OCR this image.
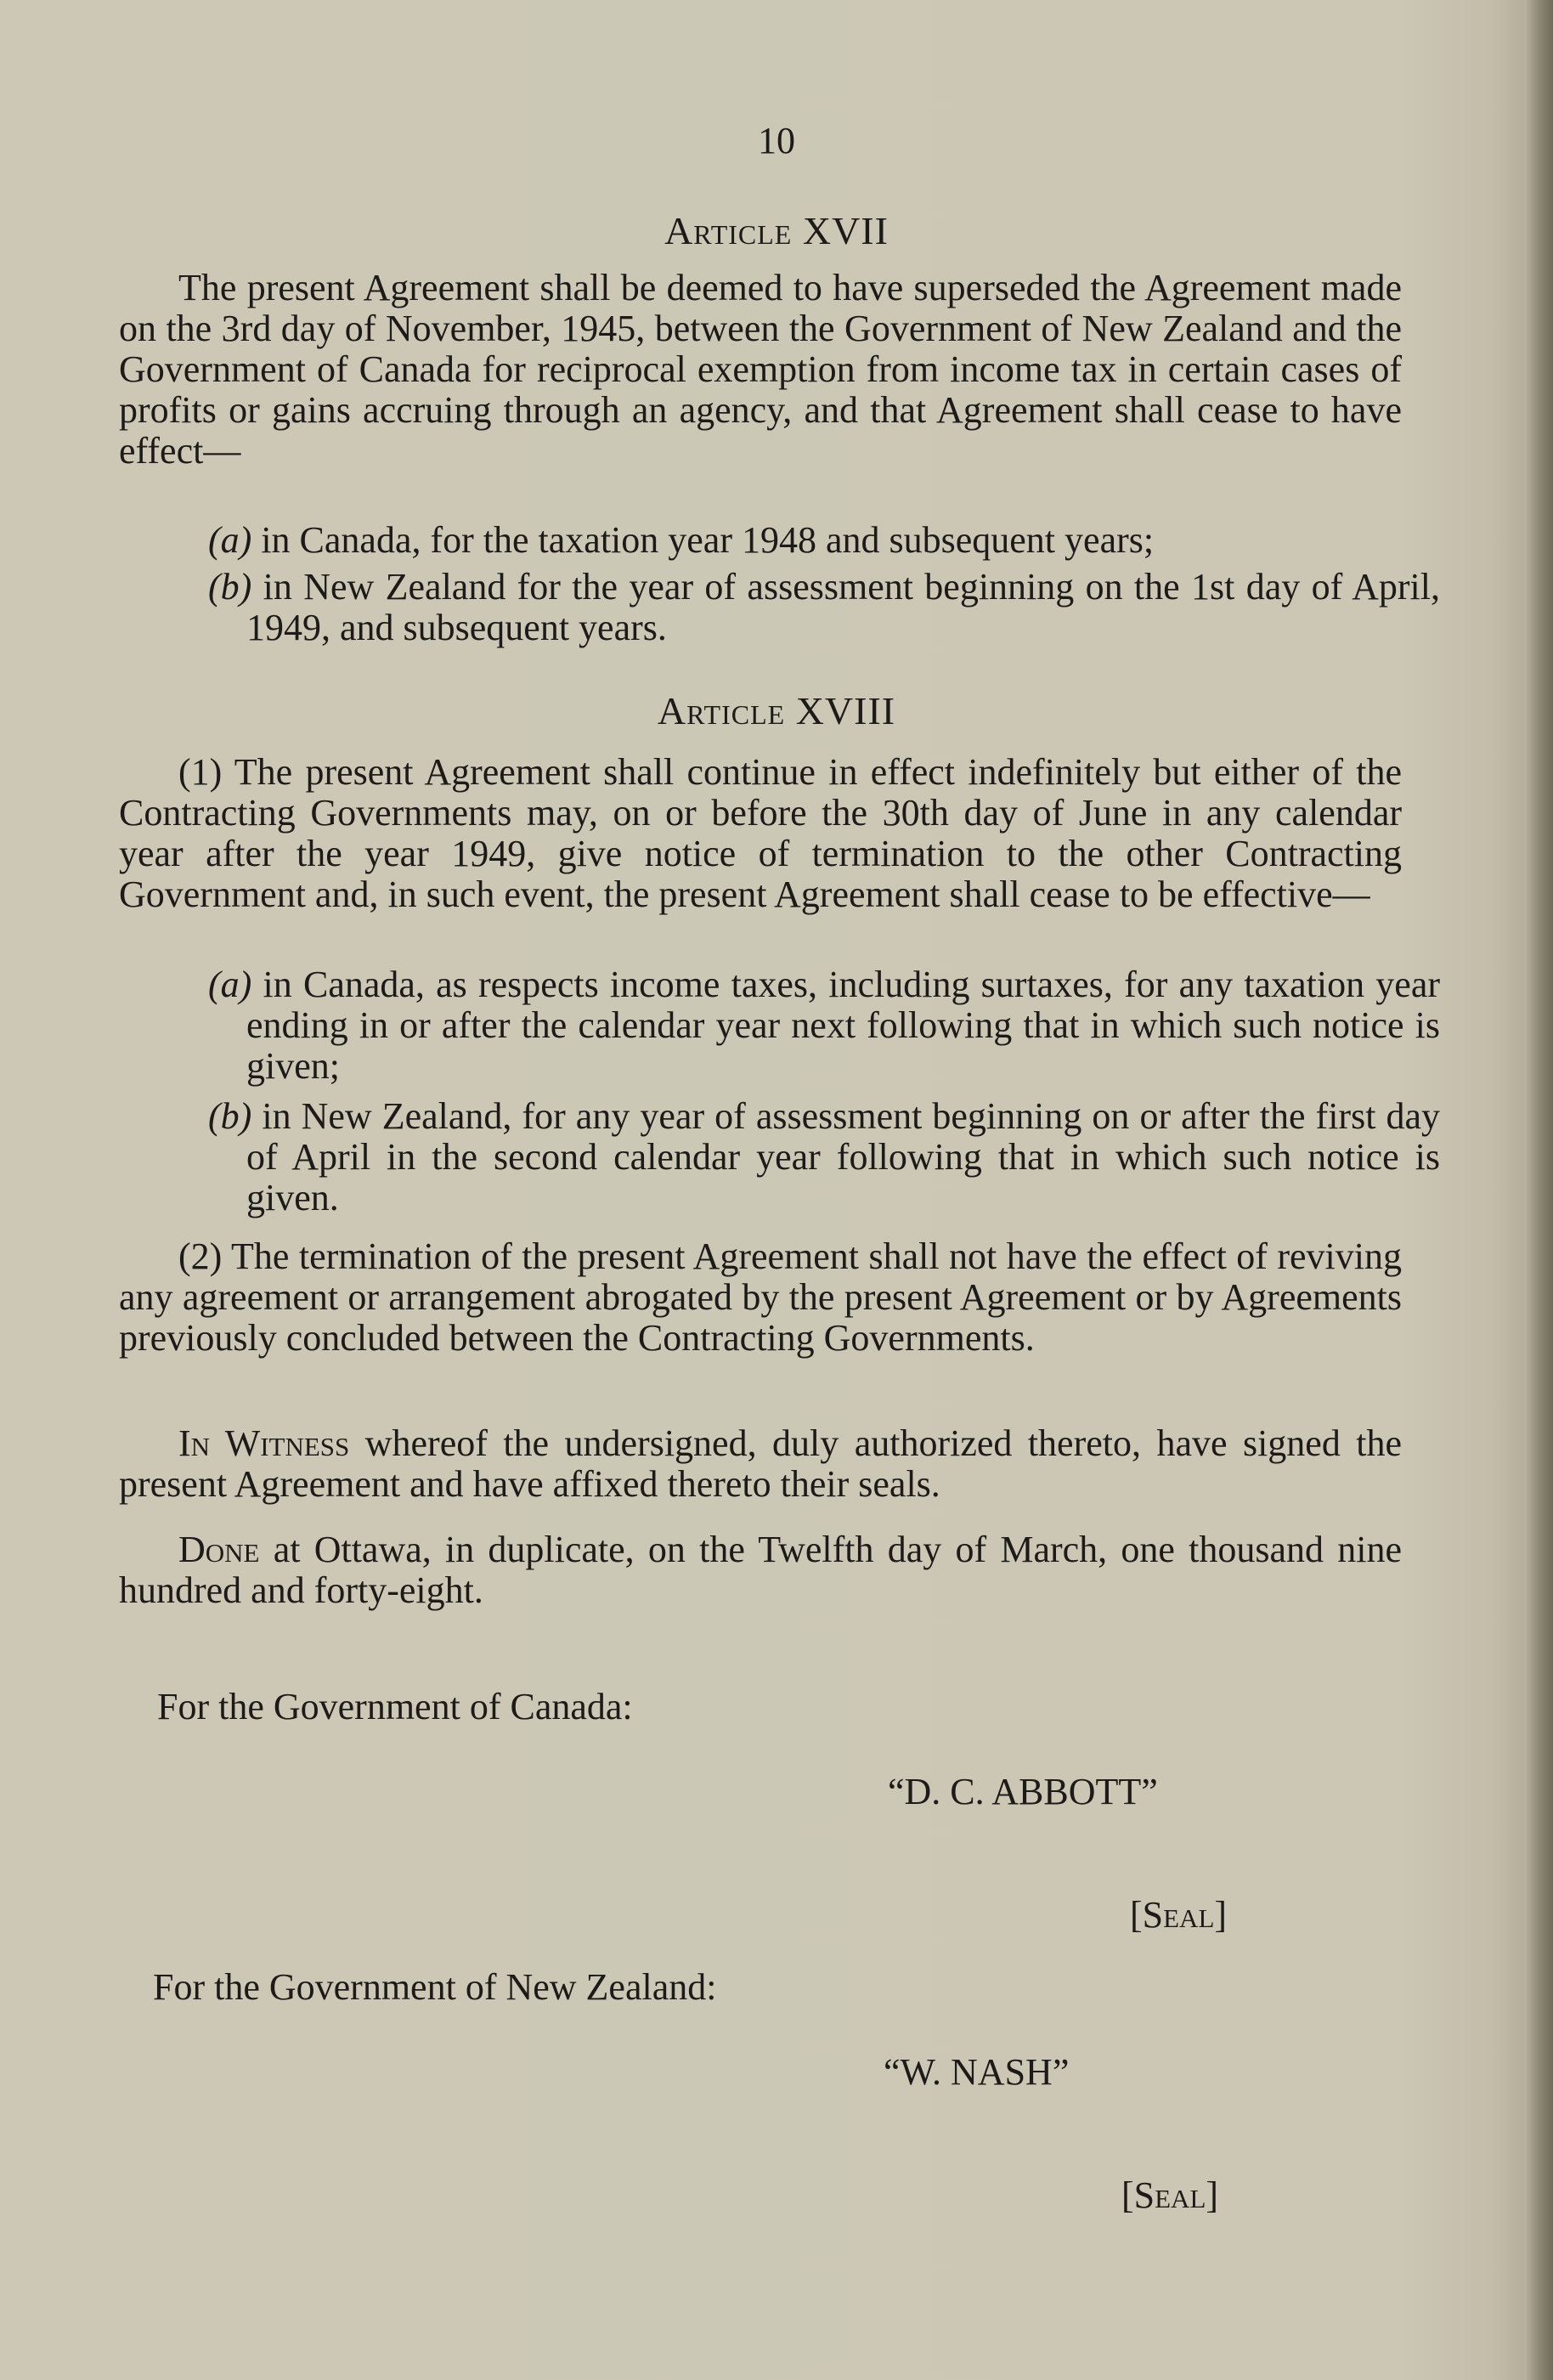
10
Article XVII
The present Agreement shall be deemed to have superseded the Agreement made on the 3rd day of November, 1945, between the Government of New Zealand and the Government of Canada for reciprocal exemption from income tax in certain cases of profits or gains accruing through an agency, and that Agreement shall cease to have effect—
(a) in Canada, for the taxation year 1948 and subsequent years;
(b) in New Zealand for the year of assessment beginning on the 1st day of April, 1949, and subsequent years.
Article XVIII
(1) The present Agreement shall continue in effect indefinitely but either of the Contracting Governments may, on or before the 30th day of June in any calendar year after the year 1949, give notice of termination to the other Contracting Government and, in such event, the present Agreement shall cease to be effective—
(a) in Canada, as respects income taxes, including surtaxes, for any taxation year ending in or after the calendar year next following that in which such notice is given;
(b) in New Zealand, for any year of assessment beginning on or after the first day of April in the second calendar year following that in which such notice is given.
(2) The termination of the present Agreement shall not have the effect of reviving any agreement or arrangement abrogated by the present Agreement or by Agreements previously concluded between the Contracting Governments.
In Witness whereof the undersigned, duly authorized thereto, have signed the present Agreement and have affixed thereto their seals.
Done at Ottawa, in duplicate, on the Twelfth day of March, one thousand nine hundred and forty-eight.
For the Government of Canada:
“D. C. ABBOTT”
[Seal]
For the Government of New Zealand:
“W. NASH”
[Seal]
